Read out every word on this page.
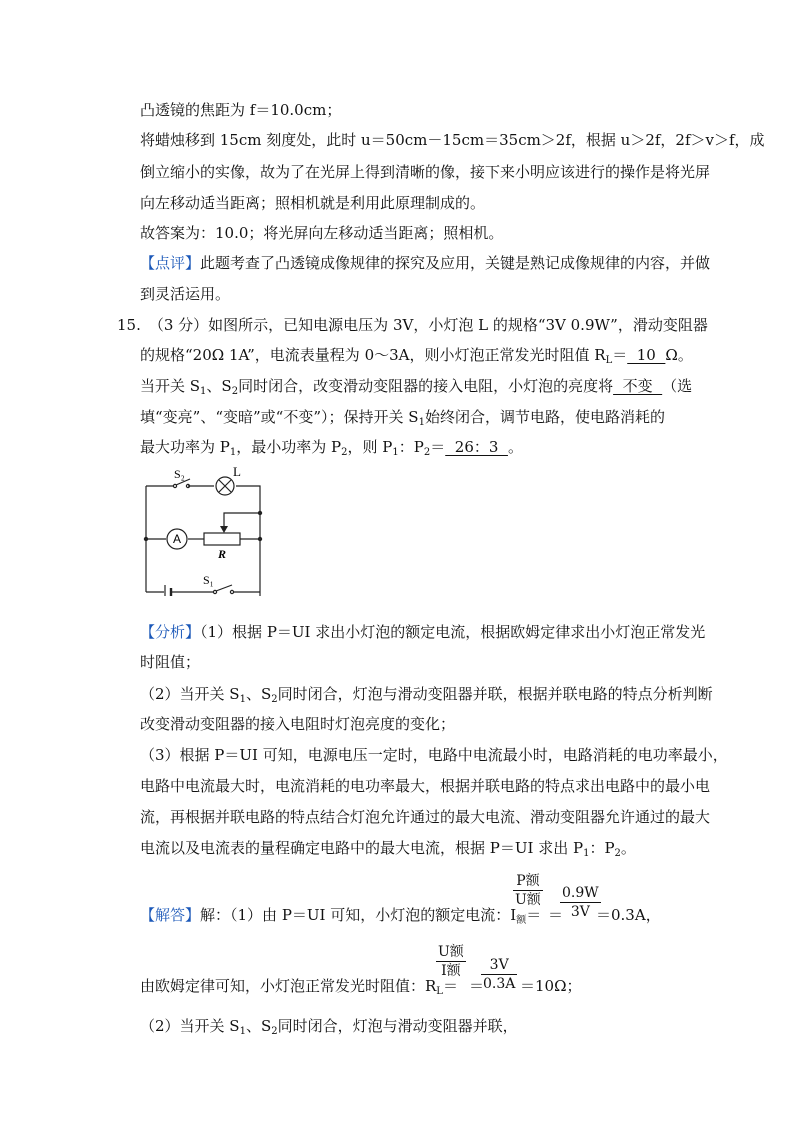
凸透镜的焦距为 f＝10.0cm；
将蜡烛移到 15cm 刻度处，此时 u＝50cm－15cm＝35cm＞2f，根据 u＞2f，2f＞v＞f，成
倒立缩小的实像，故为了在光屏上得到清晰的像，接下来小明应该进行的操作是将光屏
向左移动适当距离；照相机就是利用此原理制成的。
故答案为：10.0；将光屏向左移动适当距离；照相机。
【点评】此题考查了凸透镜成像规律的探究及应用，关键是熟记成像规律的内容，并做
到灵活运用。
15. （3 分）如图所示，已知电源电压为 3V，小灯泡 L 的规格“3V 0.9W”，滑动变阻器
的规格“20Ω 1A”，电流表量程为 0～3A，则小灯泡正常发光时阻值 $R_L= 10$  Ω。
当开关 $S_1$、$S_2$同时闭合，改变滑动变阻器的接入电阻，小灯泡的亮度将  不变  （选
填“变亮”、“变暗”或“不变”）；保持开关 $S_1$始终闭合，调节电路，使电路消耗的
最大功率为 $P_1$，最小功率为 $P_2$，则 $P_1$：$P_2= 26$：3  。
S₂	L
A
R
S₁
【分析】（1）根据 P＝UI 求出小灯泡的额定电流，根据欧姆定律求出小灯泡正常发光
时阻值；
（2）当开关 $S_1$、$S_2$同时闭合，灯泡与滑动变阻器并联，根据并联电路的特点分析判断
改变滑动变阻器的接入电阻时灯泡亮度的变化；
（3）根据 P＝UI 可知，电源电压一定时，电路中电流最小时，电路消耗的电功率最小，
电路中电流最大时，电流消耗的电功率最大，根据并联电路的特点求出电路中的最小电
流，再根据并联电路的特点结合灯泡允许通过的最大电流、滑动变阻器允许通过的最大
电流以及电流表的量程确定电路中的最大电流，根据 P＝UI 求出 $P_1$：$P_2$。
【解答】解：（1）由 P＝UI 可知，小灯泡的额定电流：$I_额=$
P额
U额
＝
$\frac{0.9W}{3V}$
＝0.3A，
由欧姆定律可知，小灯泡正常发光时阻值：$R_L=$
U额
I额
＝
$\frac{3V}{0.3A} =10\Omega$；
（2）当开关 $S_1$、$S_2$同时闭合，灯泡与滑动变阻器并联，
